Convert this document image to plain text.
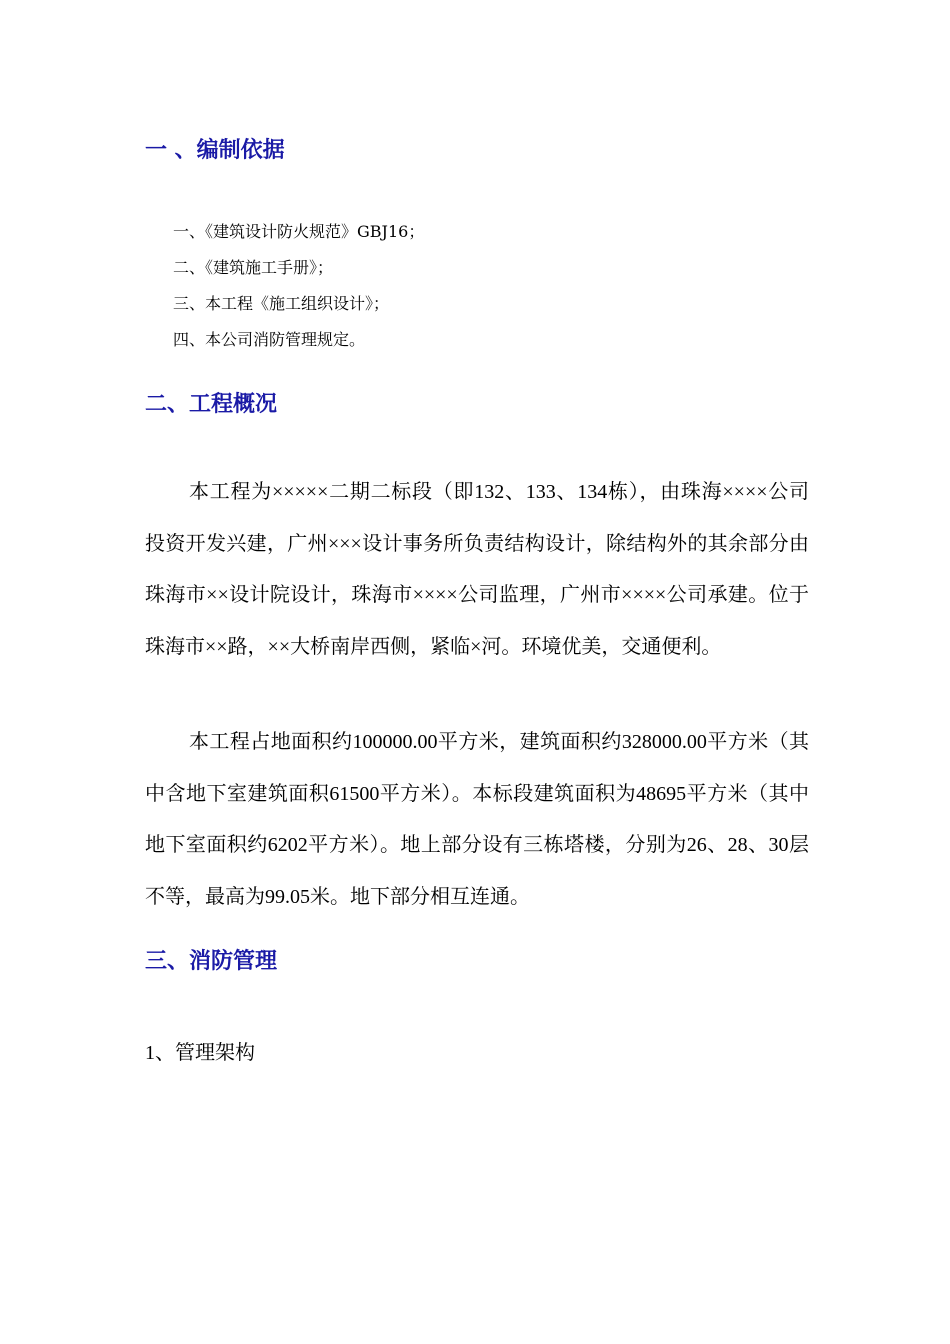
一 、编制依据
一、《建筑设计防火规范》GBJ16；
二、《建筑施工手册》；
三、本工程《施工组织设计》；
四、本公司消防管理规定。
二、工程概况

本工程为×××××二期二标段（即132、133、134栋），由珠海××××公司投资开发兴建，广州×××设计事务所负责结构设计，除结构外的其余部分由珠海市××设计院设计，珠海市××××公司监理，广州市××××公司承建。位于珠海市××路，××大桥南岸西侧，紧临×河。环境优美，交通便利。

本工程占地面积约100000.00平方米，建筑面积约328000.00平方米（其中含地下室建筑面积61500平方米）。本标段建筑面积为48695平方米（其中地下室面积约6202平方米）。地上部分设有三栋塔楼，分别为26、28、30层不等，最高为99.05米。地下部分相互连通。

三、消防管理

1、管理架构
